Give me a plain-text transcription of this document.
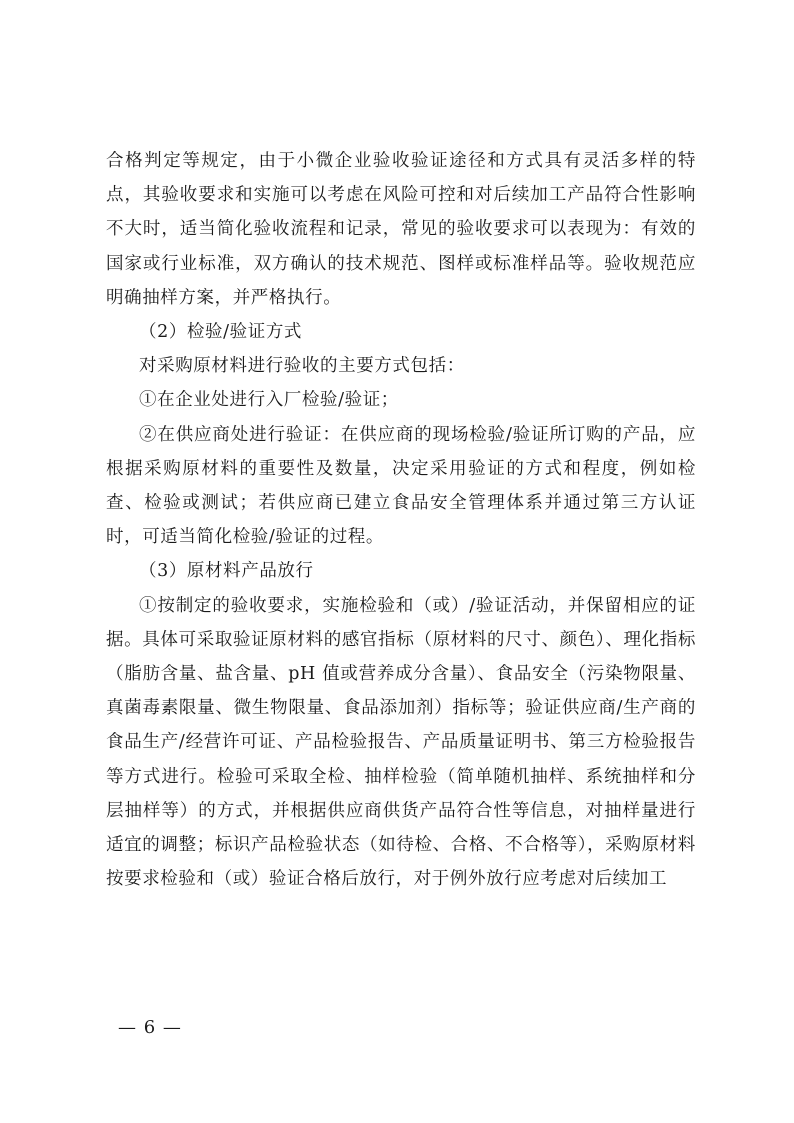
合格判定等规定，由于小微企业验收验证途径和方式具有灵活多样的特点，其验收要求和实施可以考虑在风险可控和对后续加工产品符合性影响不大时，适当简化验收流程和记录，常见的验收要求可以表现为：有效的国家或行业标准，双方确认的技术规范、图样或标准样品等。验收规范应明确抽样方案，并严格执行。

（2）检验/验证方式

对采购原材料进行验收的主要方式包括：

①在企业处进行入厂检验/验证；

②在供应商处进行验证：在供应商的现场检验/验证所订购的产品，应根据采购原材料的重要性及数量，决定采用验证的方式和程度，例如检查、检验或测试；若供应商已建立食品安全管理体系并通过第三方认证时，可适当简化检验/验证的过程。

（3）原材料产品放行

①按制定的验收要求，实施检验和（或）/验证活动，并保留相应的证据。具体可采取验证原材料的感官指标（原材料的尺寸、颜色）、理化指标（脂肪含量、盐含量、pH 值或营养成分含量）、食品安全（污染物限量、真菌毒素限量、微生物限量、食品添加剂）指标等；验证供应商/生产商的食品生产/经营许可证、产品检验报告、产品质量证明书、第三方检验报告等方式进行。检验可采取全检、抽样检验（简单随机抽样、系统抽样和分层抽样等）的方式，并根据供应商供货产品符合性等信息，对抽样量进行适宜的调整；标识产品检验状态（如待检、合格、不合格等），采购原材料按要求检验和（或）验证合格后放行，对于例外放行应考虑对后续加工

— 6 —
